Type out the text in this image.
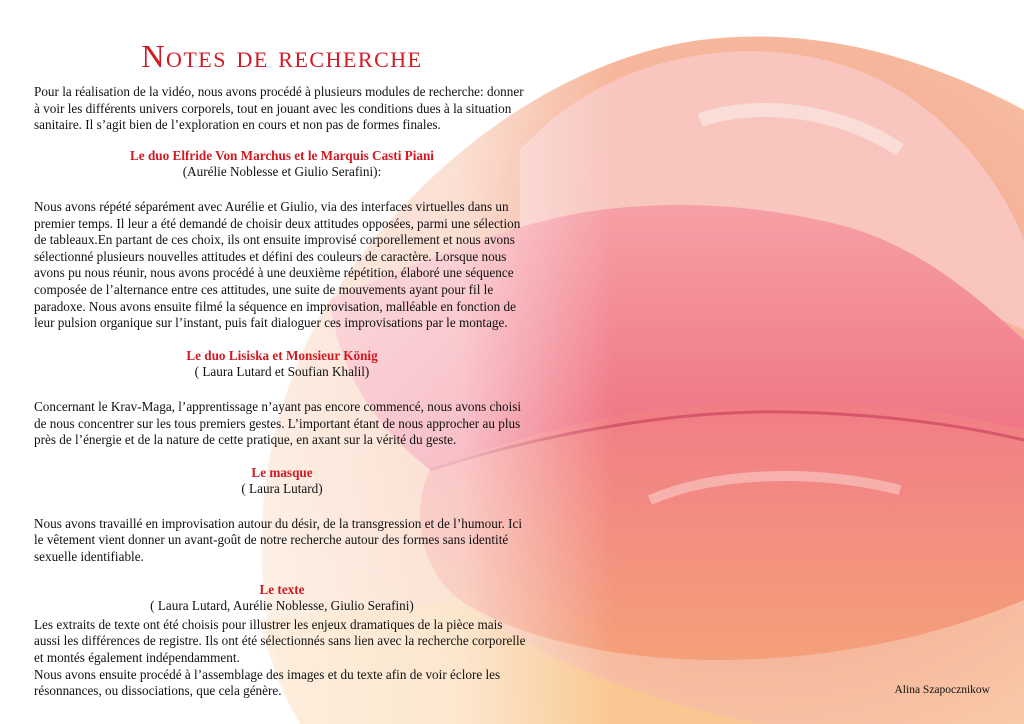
Notes de recherche

Pour la réalisation de la vidéo, nous avons procédé à plusieurs modules de recherche: donner à voir les différents univers corporels, tout en jouant avec les conditions dues à la situation sanitaire. Il s’agit bien de l’exploration en cours et non pas de formes finales.

Le duo Elfride Von Marchus et le Marquis Casti Piani

(Aurélie Noblesse et Giulio Serafini):

Nous avons répété séparément avec Aurélie et Giulio, via des interfaces virtuelles dans un premier temps. Il leur a été demandé de choisir deux attitudes opposées, parmi une sélection de tableaux.En partant de ces choix, ils ont ensuite improvisé corporellement et nous avons sélectionné plusieurs nouvelles attitudes et défini des couleurs de caractère. Lorsque nous avons pu nous réunir, nous avons procédé à une deuxième répétition, élaboré une séquence composée de l’alternance entre ces attitudes, une suite de mouvements ayant pour fil le paradoxe. Nous avons ensuite filmé la séquence en improvisation, malléable en fonction de leur pulsion organique sur l’instant, puis fait dialoguer ces improvisations par le montage.

Le duo Lisiska et Monsieur König

( Laura Lutard et Soufian Khalil)

Concernant le Krav-Maga, l’apprentissage n’ayant pas encore commencé, nous avons choisi de nous concentrer sur les tous premiers gestes. L’important étant de nous approcher au plus près de l’énergie et de la nature de cette pratique, en axant sur la vérité du geste.

Le masque

( Laura Lutard)

Nous avons travaillé en improvisation autour du désir, de la transgression et de l’humour. Ici le vêtement vient donner un avant-goût de notre recherche autour des formes sans identité sexuelle identifiable.

Le texte

( Laura Lutard, Aurélie Noblesse, Giulio Serafini)

Les extraits de texte ont été choisis pour illustrer les enjeux dramatiques de la pièce mais aussi les différences de registre. Ils ont été sélectionnés sans lien avec la recherche corporelle et montés également indépendamment.

Nous avons ensuite procédé à l’assemblage des images et du texte afin de voir éclore les résonnances, ou dissociations, que cela génère.	Alina Szapocznikow
